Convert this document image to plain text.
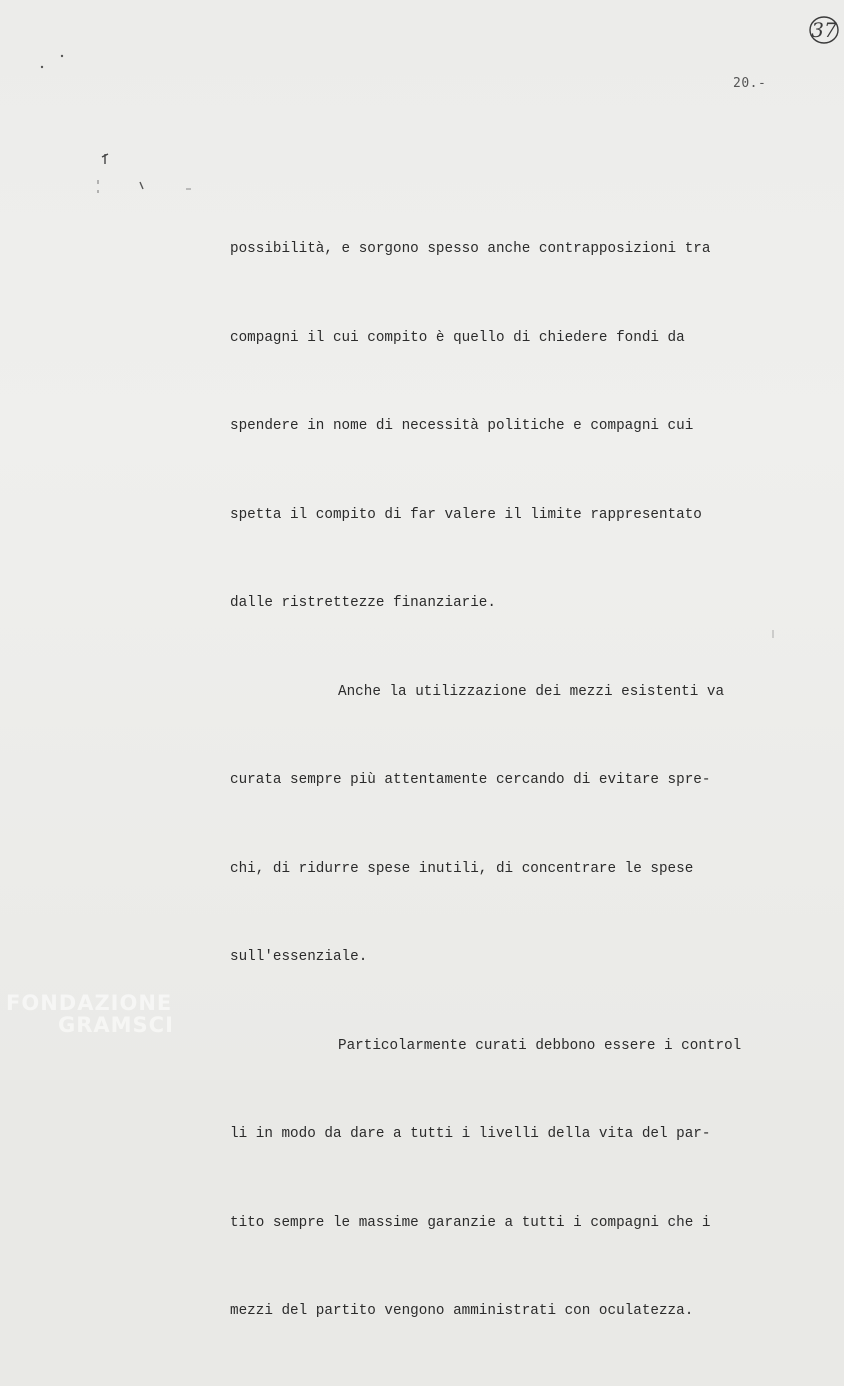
37
20.-

possibilità, e sorgono spesso anche contrapposizioni tra

compagni il cui compito è quello di chiedere fondi da

spendere in nome di necessità politiche e compagni cui

spetta il compito di far valere il limite rappresentato

dalle ristrettezze finanziarie.

Anche la utilizzazione dei mezzi esistenti va

curata sempre più attentamente cercando di evitare spre-

chi, di ridurre spese inutili, di concentrare le spese

sull'essenziale.

Particolarmente curati debbono essere i control

li in modo da dare a tutti i livelli della vita del par-

tito sempre le massime garanzie a tutti i compagni che i

mezzi del partito vengono amministrati con oculatezza.

FONDAZIONE
GRAMSCI
